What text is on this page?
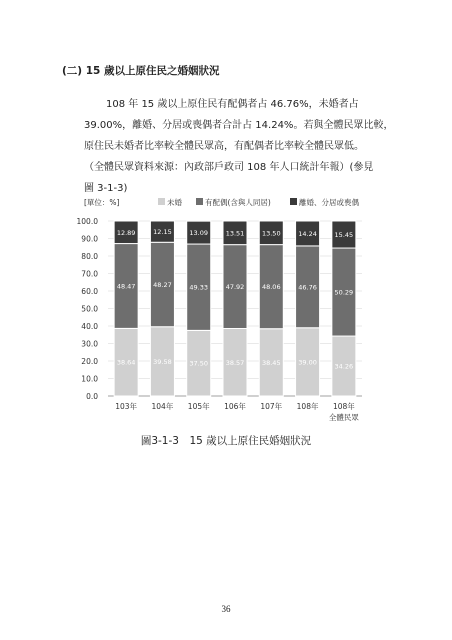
(二) 15 歲以上原住民之婚姻狀況
108 年 15 歲以上原住民有配偶者占 46.76%，未婚者占
39.00%，離婚、分居或喪偶者合計占 14.24%。若與全體民眾比較，
原住民未婚者比率較全體民眾高，有配偶者比率較全體民眾低。
（全體民眾資料來源：內政部戶政司 108 年人口統計年報）(參見
圖 3-1-3)
[單位：%]	未婚	有配偶(含與人同居)	離婚、分居或喪偶
0.0
10.0
20.0
30.0
40.0
50.0
60.0
70.0
80.0
90.0
100.0
38.64
48.47
12.89
103年
39.58
48.27
12.15
104年
37.50
49.33
13.09
105年
38.57
47.92
13.51
106年
38.45
48.06
13.50
107年
39.00
46.76
14.24
108年
34.26
50.29
15.45
108年
全體民眾
圖3-1-3　15 歲以上原住民婚姻狀況
36
